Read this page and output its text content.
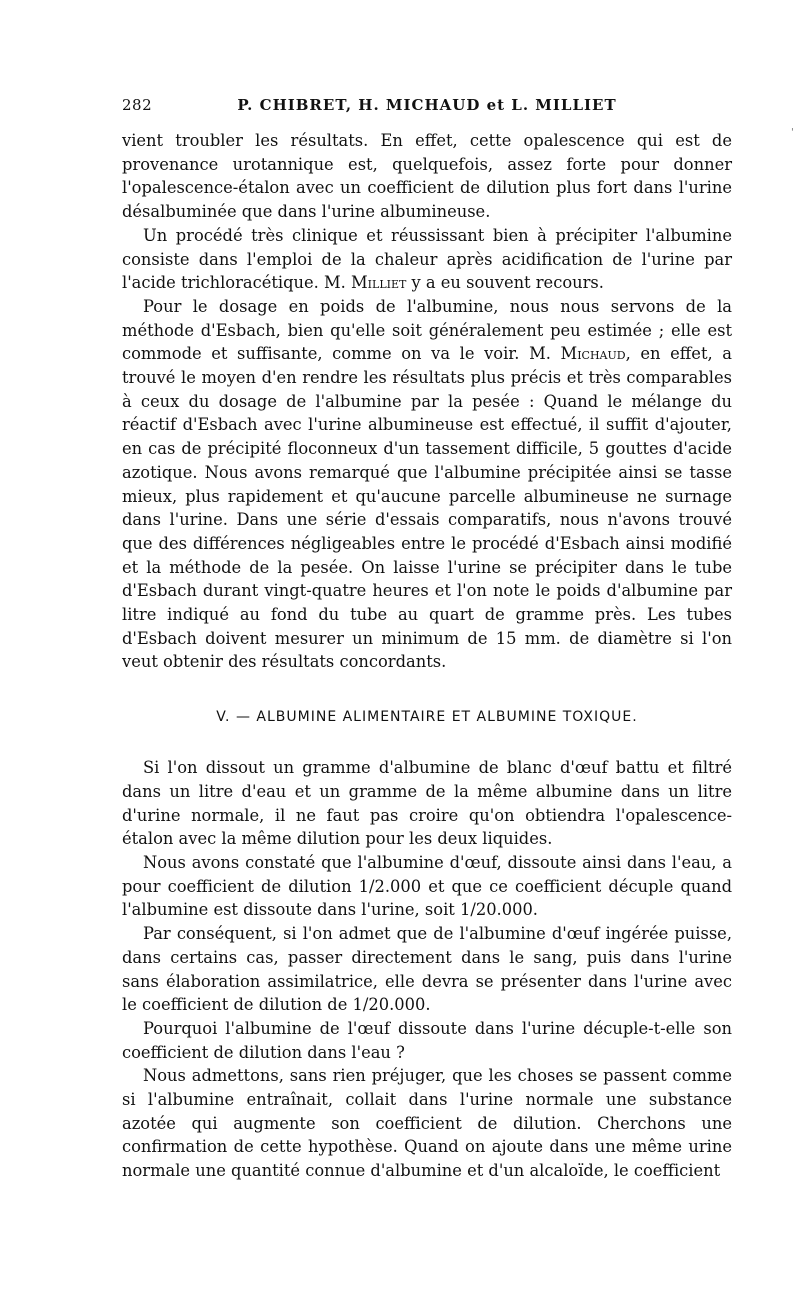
282	P. CHIBRET, H. MICHAUD et L. MILLIET
'

vient troubler les résultats. En effet, cette opalescence qui est de provenance urotannique est, quelquefois, assez forte pour donner l'opalescence-étalon avec un coefficient de dilution plus fort dans l'urine désalbuminée que dans l'urine albumineuse.

Un procédé très clinique et réussissant bien à précipiter l'albumine consiste dans l'emploi de la chaleur après acidification de l'urine par l'acide trichloracétique. M. Milliet y a eu souvent recours.

Pour le dosage en poids de l'albumine, nous nous servons de la méthode d'Esbach, bien qu'elle soit généralement peu estimée ; elle est commode et suffisante, comme on va le voir. M. Michaud, en effet, a trouvé le moyen d'en rendre les résultats plus précis et très comparables à ceux du dosage de l'albumine par la pesée : Quand le mélange du réactif d'Esbach avec l'urine albumineuse est effectué, il suffit d'ajouter, en cas de précipité floconneux d'un tassement difficile, 5 gouttes d'acide azotique. Nous avons remarqué que l'albumine précipitée ainsi se tasse mieux, plus rapidement et qu'aucune parcelle albumineuse ne surnage dans l'urine. Dans une série d'essais comparatifs, nous n'avons trouvé que des différences négligeables entre le procédé d'Esbach ainsi modifié et la méthode de la pesée. On laisse l'urine se précipiter dans le tube d'Esbach durant vingt-quatre heures et l'on note le poids d'albumine par litre indiqué au fond du tube au quart de gramme près. Les tubes d'Esbach doivent mesurer un minimum de 15 mm. de diamètre si l'on veut obtenir des résultats concordants.

V. — ALBUMINE ALIMENTAIRE ET ALBUMINE TOXIQUE.

Si l'on dissout un gramme d'albumine de blanc d'œuf battu et filtré dans un litre d'eau et un gramme de la même albumine dans un litre d'urine normale, il ne faut pas croire qu'on obtiendra l'opalescence-étalon avec la même dilution pour les deux liquides.

Nous avons constaté que l'albumine d'œuf, dissoute ainsi dans l'eau, a pour coefficient de dilution 1/2.000 et que ce coefficient décuple quand l'albumine est dissoute dans l'urine, soit 1/20.000.

Par conséquent, si l'on admet que de l'albumine d'œuf ingérée puisse, dans certains cas, passer directement dans le sang, puis dans l'urine sans élaboration assimilatrice, elle devra se présenter dans l'urine avec le coefficient de dilution de 1/20.000.

Pourquoi l'albumine de l'œuf dissoute dans l'urine décuple-t-elle son coefficient de dilution dans l'eau ?

Nous admettons, sans rien préjuger, que les choses se passent comme si l'albumine entraînait, collait dans l'urine normale une substance azotée qui augmente son coefficient de dilution. Cherchons une confirmation de cette hypothèse. Quand on ajoute dans une même urine normale une quantité connue d'albumine et d'un alcaloïde, le coefficient
